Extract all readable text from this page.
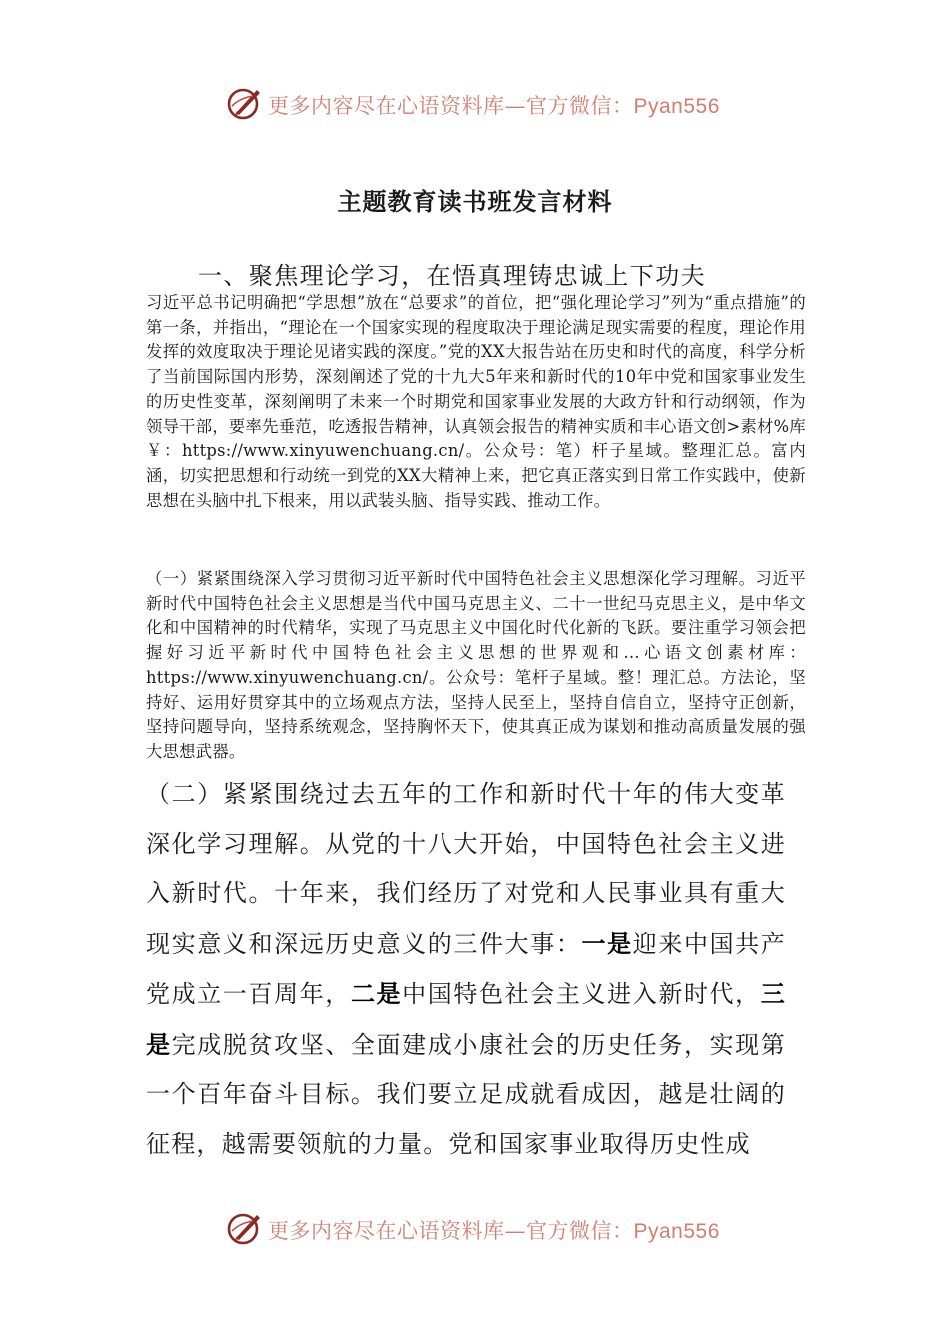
更多内容尽在心语资料库—官方微信：Pyan556
主题教育读书班发言材料
一、聚焦理论学习，在悟真理铸忠诚上下功夫

习近平总书记明确把“学思想”放在“总要求”的首位，把“强化理论学习”列为“重点措施”的第一条，并指出，“理论在一个国家实现的程度取决于理论满足现实需要的程度，理论作用发挥的效度取决于理论见诸实践的深度。”党的XX大报告站在历史和时代的高度，科学分析了当前国际国内形势，深刻阐述了党的十九大5年来和新时代的10年中党和国家事业发生的历史性变革，深刻阐明了未来一个时期党和国家事业发展的大政方针和行动纲领，作为领导干部，要率先垂范，吃透报告精神，认真领会报告的精神实质和丰心语文创>素材%库￥：https://www.xinyuwenchuang.cn/。公众号：笔）杆子星域。整理汇总。富内涵，切实把思想和行动统一到党的XX大精神上来，把它真正落实到日常工作实践中，使新思想在头脑中扎下根来，用以武装头脑、指导实践、推动工作。

（一）紧紧围绕深入学习贯彻习近平新时代中国特色社会主义思想深化学习理解。习近平新时代中国特色社会主义思想是当代中国马克思主义、二十一世纪马克思主义，是中华文化和中国精神的时代精华，实现了马克思主义中国化时代化新的飞跃。要注重学习领会把握好习近平新时代中国特色社会主义思想的世界观和…心语文创素材库：https://www.xinyuwenchuang.cn/。公众号：笔杆子星域。整！理汇总。方法论，坚持好、运用好贯穿其中的立场观点方法，坚持人民至上，坚持自信自立，坚持守正创新，坚持问题导向，坚持系统观念，坚持胸怀天下，使其真正成为谋划和推动高质量发展的强大思想武器。

（二）紧紧围绕过去五年的工作和新时代十年的伟大变革深化学习理解。从党的十八大开始，中国特色社会主义进入新时代。十年来，我们经历了对党和人民事业具有重大现实意义和深远历史意义的三件大事：一是迎来中国共产党成立一百周年，二是中国特色社会主义进入新时代，三是完成脱贫攻坚、全面建成小康社会的历史任务，实现第一个百年奋斗目标。我们要立足成就看成因，越是壮阔的征程，越需要领航的力量。党和国家事业取得历史性成

更多内容尽在心语资料库—官方微信：Pyan556
